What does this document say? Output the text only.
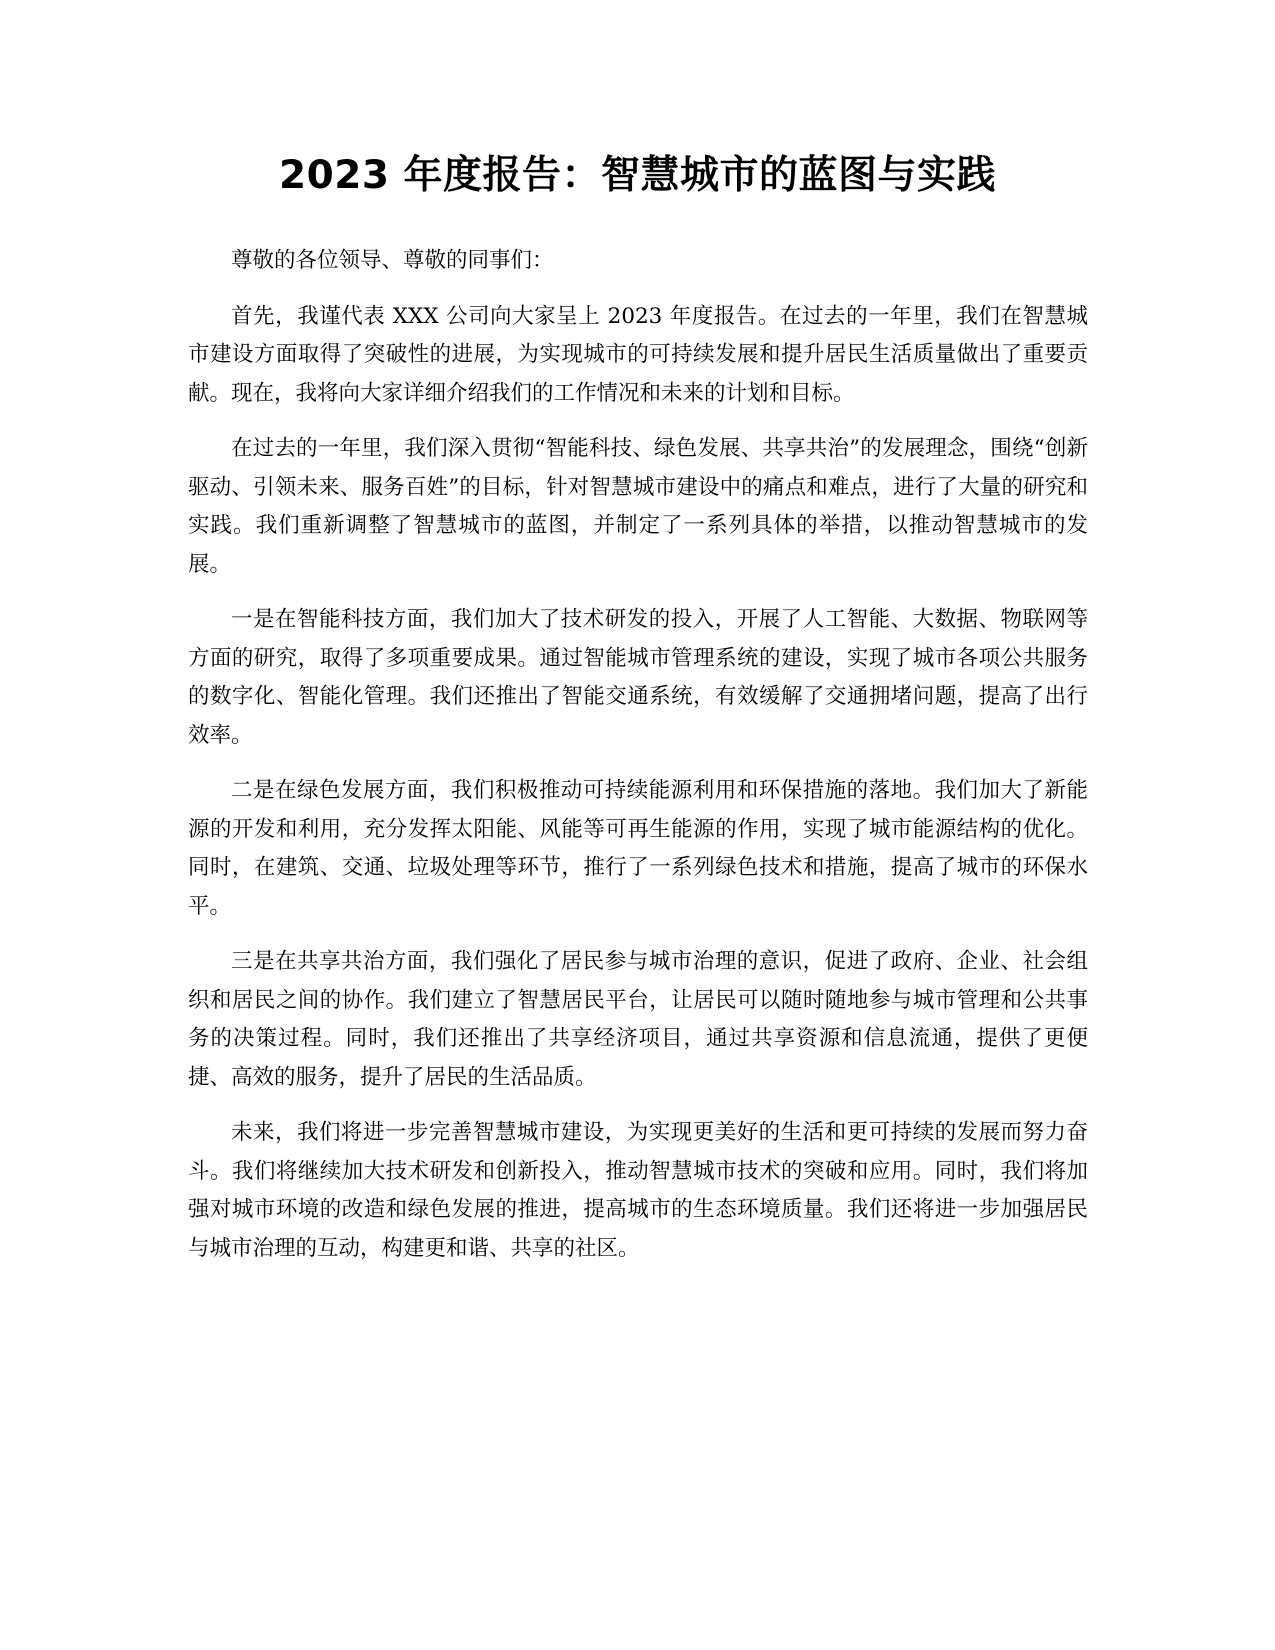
2023 年度报告：智慧城市的蓝图与实践

尊敬的各位领导、尊敬的同事们：

首先，我谨代表 XXX 公司向大家呈上 2023 年度报告。在过去的一年里，我们在智慧城市建设方面取得了突破性的进展，为实现城市的可持续发展和提升居民生活质量做出了重要贡献。现在，我将向大家详细介绍我们的工作情况和未来的计划和目标。

在过去的一年里，我们深入贯彻“智能科技、绿色发展、共享共治”的发展理念，围绕“创新驱动、引领未来、服务百姓”的目标，针对智慧城市建设中的痛点和难点，进行了大量的研究和实践。我们重新调整了智慧城市的蓝图，并制定了一系列具体的举措，以推动智慧城市的发展。

一是在智能科技方面，我们加大了技术研发的投入，开展了人工智能、大数据、物联网等方面的研究，取得了多项重要成果。通过智能城市管理系统的建设，实现了城市各项公共服务的数字化、智能化管理。我们还推出了智能交通系统，有效缓解了交通拥堵问题，提高了出行效率。

二是在绿色发展方面，我们积极推动可持续能源利用和环保措施的落地。我们加大了新能源的开发和利用，充分发挥太阳能、风能等可再生能源的作用，实现了城市能源结构的优化。同时，在建筑、交通、垃圾处理等环节，推行了一系列绿色技术和措施，提高了城市的环保水平。

三是在共享共治方面，我们强化了居民参与城市治理的意识，促进了政府、企业、社会组织和居民之间的协作。我们建立了智慧居民平台，让居民可以随时随地参与城市管理和公共事务的决策过程。同时，我们还推出了共享经济项目，通过共享资源和信息流通，提供了更便捷、高效的服务，提升了居民的生活品质。

未来，我们将进一步完善智慧城市建设，为实现更美好的生活和更可持续的发展而努力奋斗。我们将继续加大技术研发和创新投入，推动智慧城市技术的突破和应用。同时，我们将加强对城市环境的改造和绿色发展的推进，提高城市的生态环境质量。我们还将进一步加强居民与城市治理的互动，构建更和谐、共享的社区。
